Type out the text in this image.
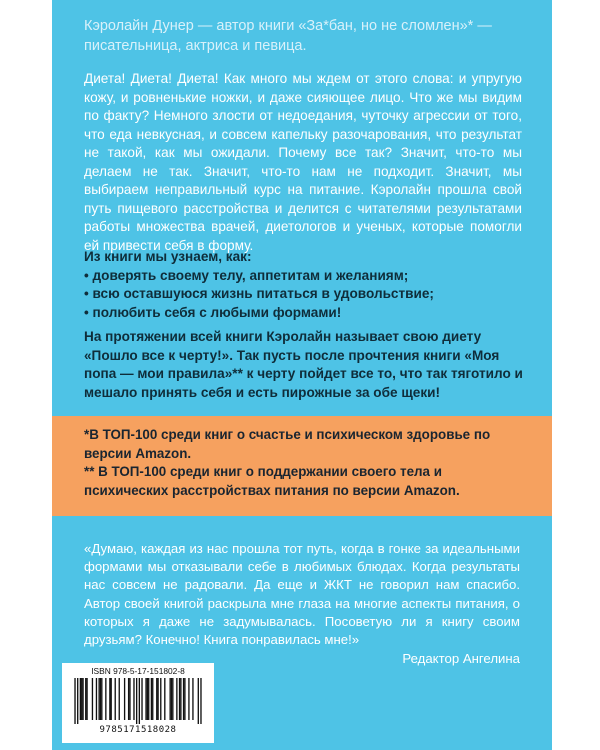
Кэролайн Дунер — автор книги «За*бан, но не сломлен»* — писательница, актриса и певица.

Диета! Диета! Диета! Как много мы ждем от этого слова: и упругую кожу, и ровненькие ножки, и даже сияющее лицо. Что же мы видим по факту? Немного злости от недоедания, чуточку агрессии от того, что еда невкусная, и совсем капельку разочарования, что результат не такой, как мы ожидали. Почему все так? Значит, что-то мы делаем не так. Значит, что-то нам не подходит. Значит, мы выбираем неправильный курс на питание. Кэролайн прошла свой путь пищевого расстройства и делится с читателями результатами работы множества врачей, диетологов и ученых, которые помогли ей привести себя в форму.

Из книги мы узнаем, как:

• доверять своему телу, аппетитам и желаниям;
• всю оставшуюся жизнь питаться в удовольствие;
• полюбить себя с любыми формами!

На протяжении всей книги Кэролайн называет свою диету «Пошло все к черту!». Так пусть после прочтения книги «Моя попа — мои правила»** к черту пойдет все то, что так тяготило и мешало принять себя и есть пирожные за обе щеки!

*В ТОП-100 среди книг о счастье и психическом здоровье по версии Amazon.

** В ТОП-100 среди книг о поддержании своего тела и психических расстройствах питания по версии Amazon.

«Думаю, каждая из нас прошла тот путь, когда в гонке за идеальными формами мы отказывали себе в любимых блюдах. Когда результаты нас совсем не радовали. Да еще и ЖКТ не говорил нам спасибо. Автор своей книгой раскрыла мне глаза на многие аспекты питания, о которых я даже не задумывалась. Посоветую ли я книгу своим друзьям? Конечно! Книга понравилась мне!»

Редактор Ангелина

ISBN 978-5-17-151802-8

9785171518028
